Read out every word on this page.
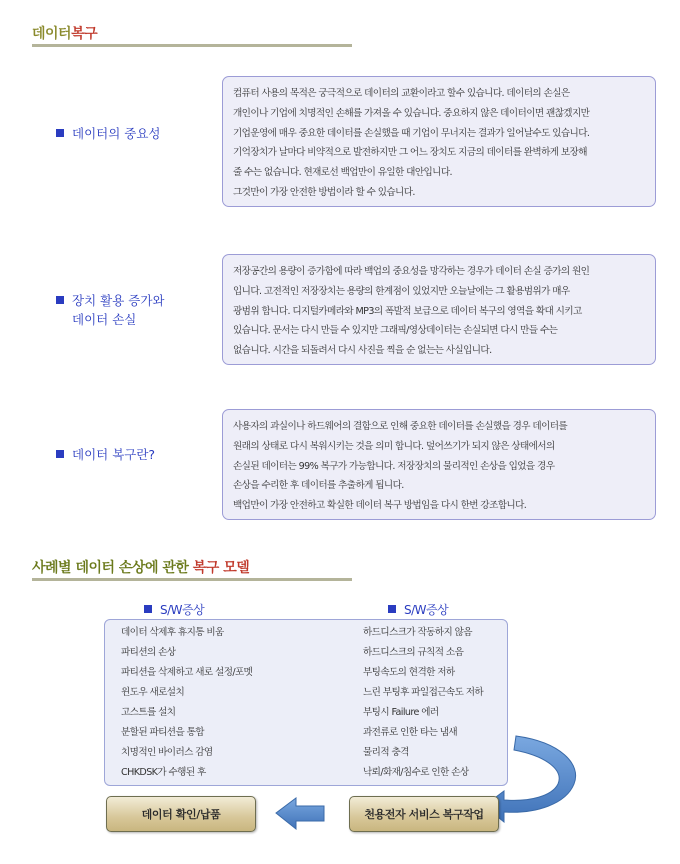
데이터복구
데이터의 중요성

컴퓨터 사용의 목적은 궁극적으로 데이터의 교환이라고 할수 있습니다. 데이터의 손실은

개인이나 기업에 치명적인 손해를 가져올 수 있습니다. 중요하지 않은 데이터이면 괜찮겠지만

기업운영에 매우 중요한 데이터를 손실했을 때 기업이 무너지는 결과가 일어날수도 있습니다.

기억장치가 날마다 비약적으로 발전하지만 그 어느 장치도 지금의 데이터를 완벽하게 보장해

줄 수는 없습니다. 현재로선 백업만이 유일한 대안입니다.

그것만이 가장 안전한 방법이라 할 수 있습니다.

장치 활용 증가와
데이터 손실

저장공간의 용량이 증가함에 따라 백업의 중요성을 망각하는 경우가 데이터 손실 증가의 원인

입니다. 고전적인 저장장치는 용량의 한계점이 있었지만 오늘날에는 그 활용범위가 매우

광범위 합니다. 디지털카메라와 MP3의 폭발적 보급으로 데이터 복구의 영역을 확대 시키고

있습니다. 문서는 다시 만들 수 있지만 그래픽/영상데이터는 손실되면 다시 만들 수는

없습니다. 시간을 되돌려서 다시 사진을 찍을 순 없는는 사실입니다.

데이터 복구란?

사용자의 과실이나 하드웨어의 결함으로 인해 중요한 데이터를 손실했을 경우 데이터를

원래의 상태로 다시 복워시키는 것을 의미 합니다. 덮어쓰기가 되지 않은 상태에서의

손실된 데이터는 99% 복구가 가능합니다. 저장장치의 물리적인 손상을 입었을 경우

손상을 수리한 후 데이터를 추출하게 됩니다.

백업만이 가장 안전하고 확실한 데이터 복구 방법임을 다시 한번 강조합니다.

사례별 데이터 손상에 관한 복구 모델
S/W증상	S/W증상
데이터 삭제후 휴지통 비움
파티션의 손상
파티션을 삭제하고 새로 설정/포멧
윈도우 새로설치
고스트를 설치
분할된 파티션을 통합
치명적인 바이러스 감염
CHKDSK가 수행된 후
하드디스크가 작동하지 않음
하드디스크의 규칙적 소음
부팅속도의 현격한 저하
느린 부팅후 파일접근속도 저하
부팅시 Failure 에러
과전류로 인한 타는 냄새
물리적 충격
낙뢰/화재/침수로 인한 손상
데이터 확인/납품	천용전자 서비스 복구작업
